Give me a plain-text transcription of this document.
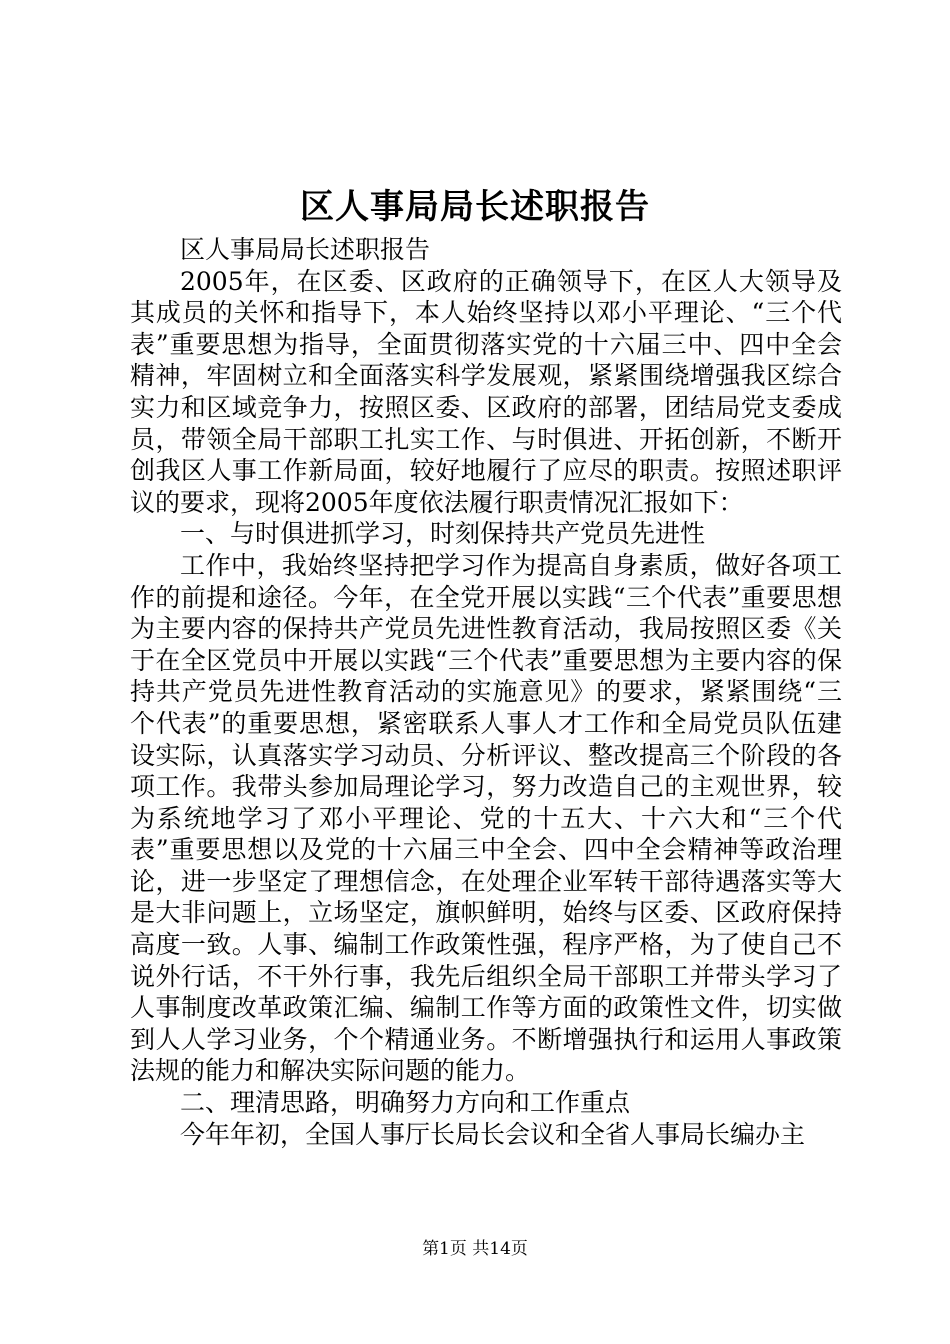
区人事局局长述职报告

区人事局局长述职报告

2005年，在区委、区政府的正确领导下，在区人大领导及其成员的关怀和指导下，本人始终坚持以邓小平理论、“三个代表”重要思想为指导，全面贯彻落实党的十六届三中、四中全会精神，牢固树立和全面落实科学发展观，紧紧围绕增强我区综合实力和区域竞争力，按照区委、区政府的部署，团结局党支委成员，带领全局干部职工扎实工作、与时俱进、开拓创新，不断开创我区人事工作新局面，较好地履行了应尽的职责。按照述职评议的要求，现将2005年度依法履行职责情况汇报如下：

一、与时俱进抓学习，时刻保持共产党员先进性

工作中，我始终坚持把学习作为提高自身素质，做好各项工作的前提和途径。今年，在全党开展以实践“三个代表”重要思想为主要内容的保持共产党员先进性教育活动，我局按照区委《关于在全区党员中开展以实践“三个代表”重要思想为主要内容的保持共产党员先进性教育活动的实施意见》的要求，紧紧围绕“三个代表”的重要思想，紧密联系人事人才工作和全局党员队伍建设实际，认真落实学习动员、分析评议、整改提高三个阶段的各项工作。我带头参加局理论学习，努力改造自己的主观世界，较为系统地学习了邓小平理论、党的十五大、十六大和“三个代表”重要思想以及党的十六届三中全会、四中全会精神等政治理论，进一步坚定了理想信念，在处理企业军转干部待遇落实等大是大非问题上，立场坚定，旗帜鲜明，始终与区委、区政府保持高度一致。人事、编制工作政策性强，程序严格，为了使自己不说外行话，不干外行事，我先后组织全局干部职工并带头学习了人事制度改革政策汇编、编制工作等方面的政策性文件，切实做到人人学习业务，个个精通业务。不断增强执行和运用人事政策法规的能力和解决实际问题的能力。

二、理清思路，明确努力方向和工作重点

今年年初，全国人事厅长局长会议和全省人事局长编办主

第1页 共14页
